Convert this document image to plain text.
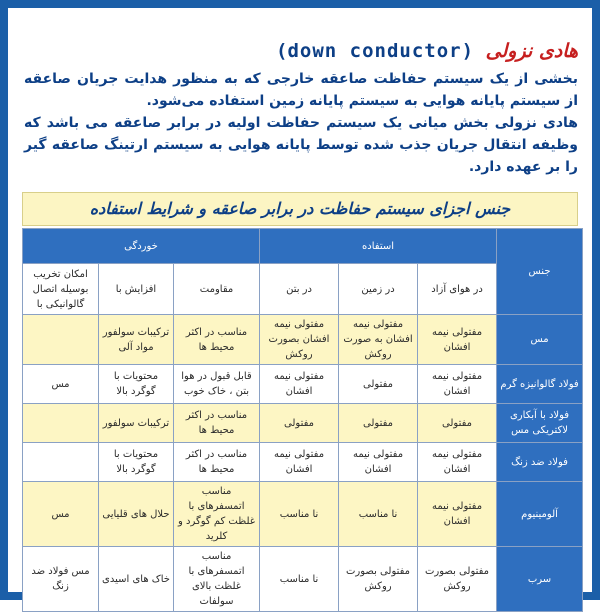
هادی نزولی (down conductor)

بخشی از یک سیستم حفاظت صاعقه خارجی که به منظور هدایت جریان صاعقه از سیستم پایانه هوایی به سیستم پایانه زمین استفاده می‌شود.

هادی نزولی بخش میانی یک سیستم حفاظت اولیه در برابر صاعقه می باشد که وظیفه انتقال جریان جذب شده توسط پایانه هوایی به سیستم ارتینگ صاعقه گیر را بر عهده دارد.

جنس اجزای سیستم حفاظت در برابر صاعقه و شرایط استفاده
جنس	استفاده			خوردگی		
	در هوای آزاد	در زمین	در بتن	مقاومت	افزایش با	امکان تخریب بوسیله اتصال گالوانیکی با
مس	مفتولی نیمه افشان	مفتولی نیمه افشان به صورت روکش	مفتولی نیمه افشان بصورت روکش	مناسب در اکثر محیط ها	ترکیبات سولفور مواد آلی	
فولاد گالوانیزه گرم	مفتولی نیمه افشان	مفتولی	مفتولی نیمه افشان	قابل قبول در هوا بتن ، خاک خوب	محتویات با گوگرد بالا	مس
فولاد با آبکاری لاکتریکی مس	مفتولی	مفتولی	مفتولی	مناسب در اکثر محیط ها	ترکیبات سولفور	
فولاد ضد زنگ	مفتولی نیمه افشان	مفتولی نیمه افشان	مفتولی نیمه افشان	مناسب در اکثر محیط ها	محتویات با گوگرد بالا	
آلومینیوم	مفتولی نیمه افشان	نا مناسب	نا مناسب	مناسب اتمسفرهای با غلظت کم گوگرد و کلرید	حلال های قلیایی	مس
سرب	مفتولی بصورت روکش	مفتولی بصورت روکش	نا مناسب	مناسب اتمسفرهای با غلظت بالای سولفات	خاک های اسیدی	مس فولاد ضد زنگ
